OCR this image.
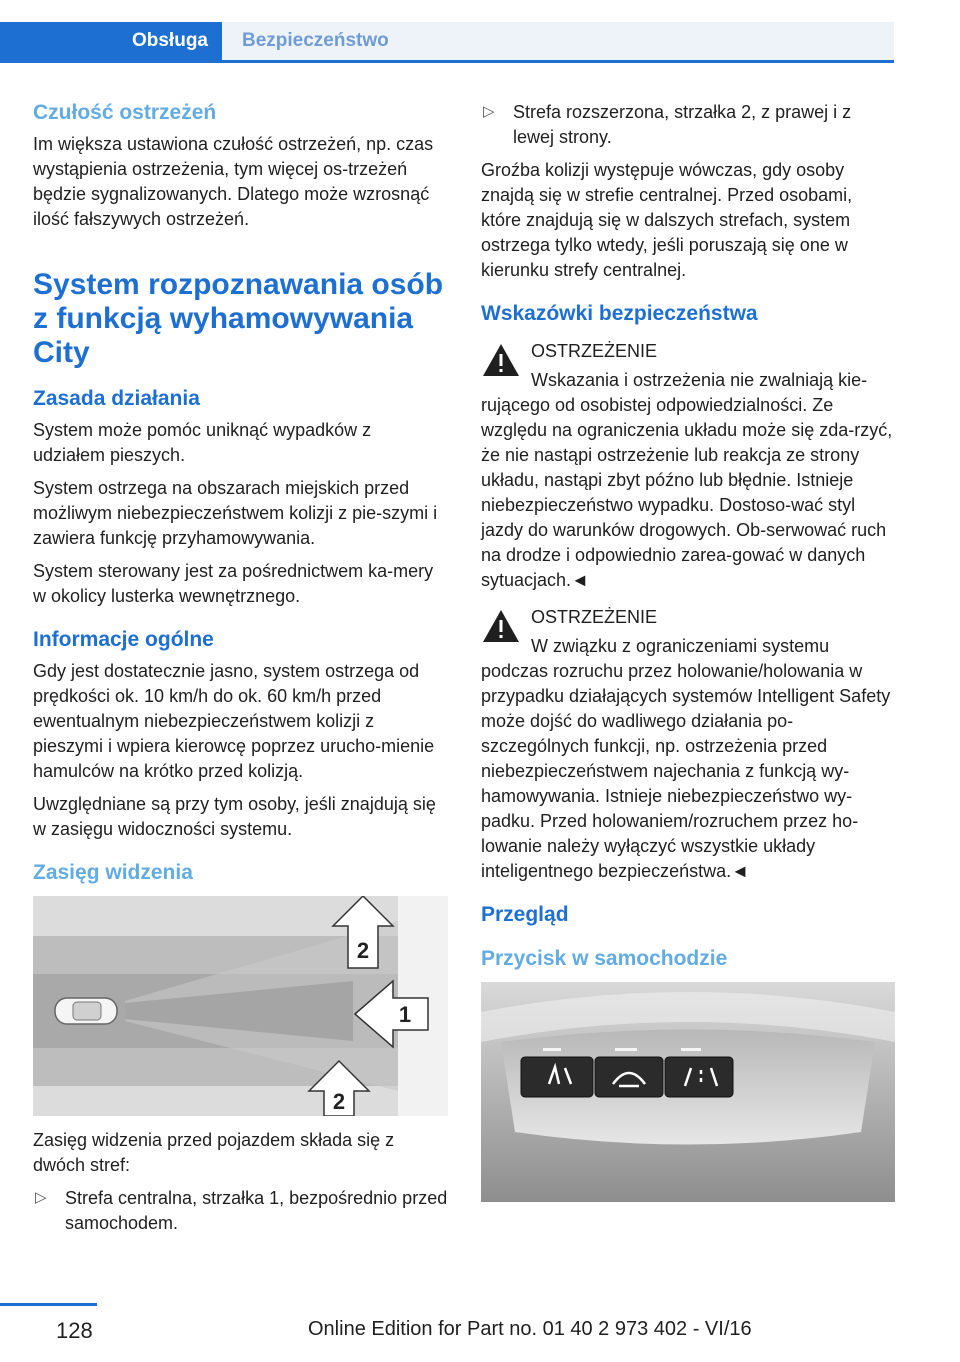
Obsługa Bezpieczeństwo
Czułość ostrzeżeń

Im większa ustawiona czułość ostrzeżeń, np. czas wystąpienia ostrzeżenia, tym więcej os-trzeżeń będzie sygnalizowanych. Dlatego może wzrosnąć ilość fałszywych ostrzeżeń.

System rozpoznawania osób z funkcją wyhamowywania City
Zasada działania

System może pomóc uniknąć wypadków z udziałem pieszych.

System ostrzega na obszarach miejskich przed możliwym niebezpieczeństwem kolizji z pie-szymi i zawiera funkcję przyhamowywania.

System sterowany jest za pośrednictwem ka-mery w okolicy lusterka wewnętrznego.

Informacje ogólne

Gdy jest dostatecznie jasno, system ostrzega od prędkości ok. 10 km/h do ok. 60 km/h przed ewentualnym niebezpieczeństwem kolizji z pieszymi i wpiera kierowcę poprzez urucho-mienie hamulców na krótko przed kolizją.

Uwzględniane są przy tym osoby, jeśli znajdują się w zasięgu widoczności systemu.

Zasięg widzenia
2
1
2

Zasięg widzenia przed pojazdem składa się z dwóch stref:

▷ Strefa centralna, strzałka 1, bezpośrednio przed samochodem.

▷ Strefa rozszerzona, strzałka 2, z prawej i z lewej strony.

Groźba kolizji występuje wówczas, gdy osoby znajdą się w strefie centralnej. Przed osobami, które znajdują się w dalszych strefach, system ostrzega tylko wtedy, jeśli poruszają się one w kierunku strefy centralnej.

Wskazówki bezpieczeństwa

OSTRZEŻENIE

Wskazania i ostrzeżenia nie zwalniają kie-rującego od osobistej odpowiedzialności. Ze względu na ograniczenia układu może się zda-rzyć, że nie nastąpi ostrzeżenie lub reakcja ze strony układu, nastąpi zbyt późno lub błędnie. Istnieje niebezpieczeństwo wypadku. Dostoso-wać styl jazdy do warunków drogowych. Ob-serwować ruch na drodze i odpowiednio zarea-gować w danych sytuacjach.◄

OSTRZEŻENIE

W związku z ograniczeniami systemu podczas rozruchu przez holowanie/holowania w przypadku działających systemów Intelligent Safety może dojść do wadliwego działania po-szczególnych funkcji, np. ostrzeżenia przed niebezpieczeństwem najechania z funkcją wy-hamowywania. Istnieje niebezpieczeństwo wy-padku. Przed holowaniem/rozruchem przez ho-lowanie należy wyłączyć wszystkie układy inteligentnego bezpieczeństwa.◄

Przegląd
Przycisk w samochodzie
128	Online Edition for Part no. 01 40 2 973 402 - VI/16
